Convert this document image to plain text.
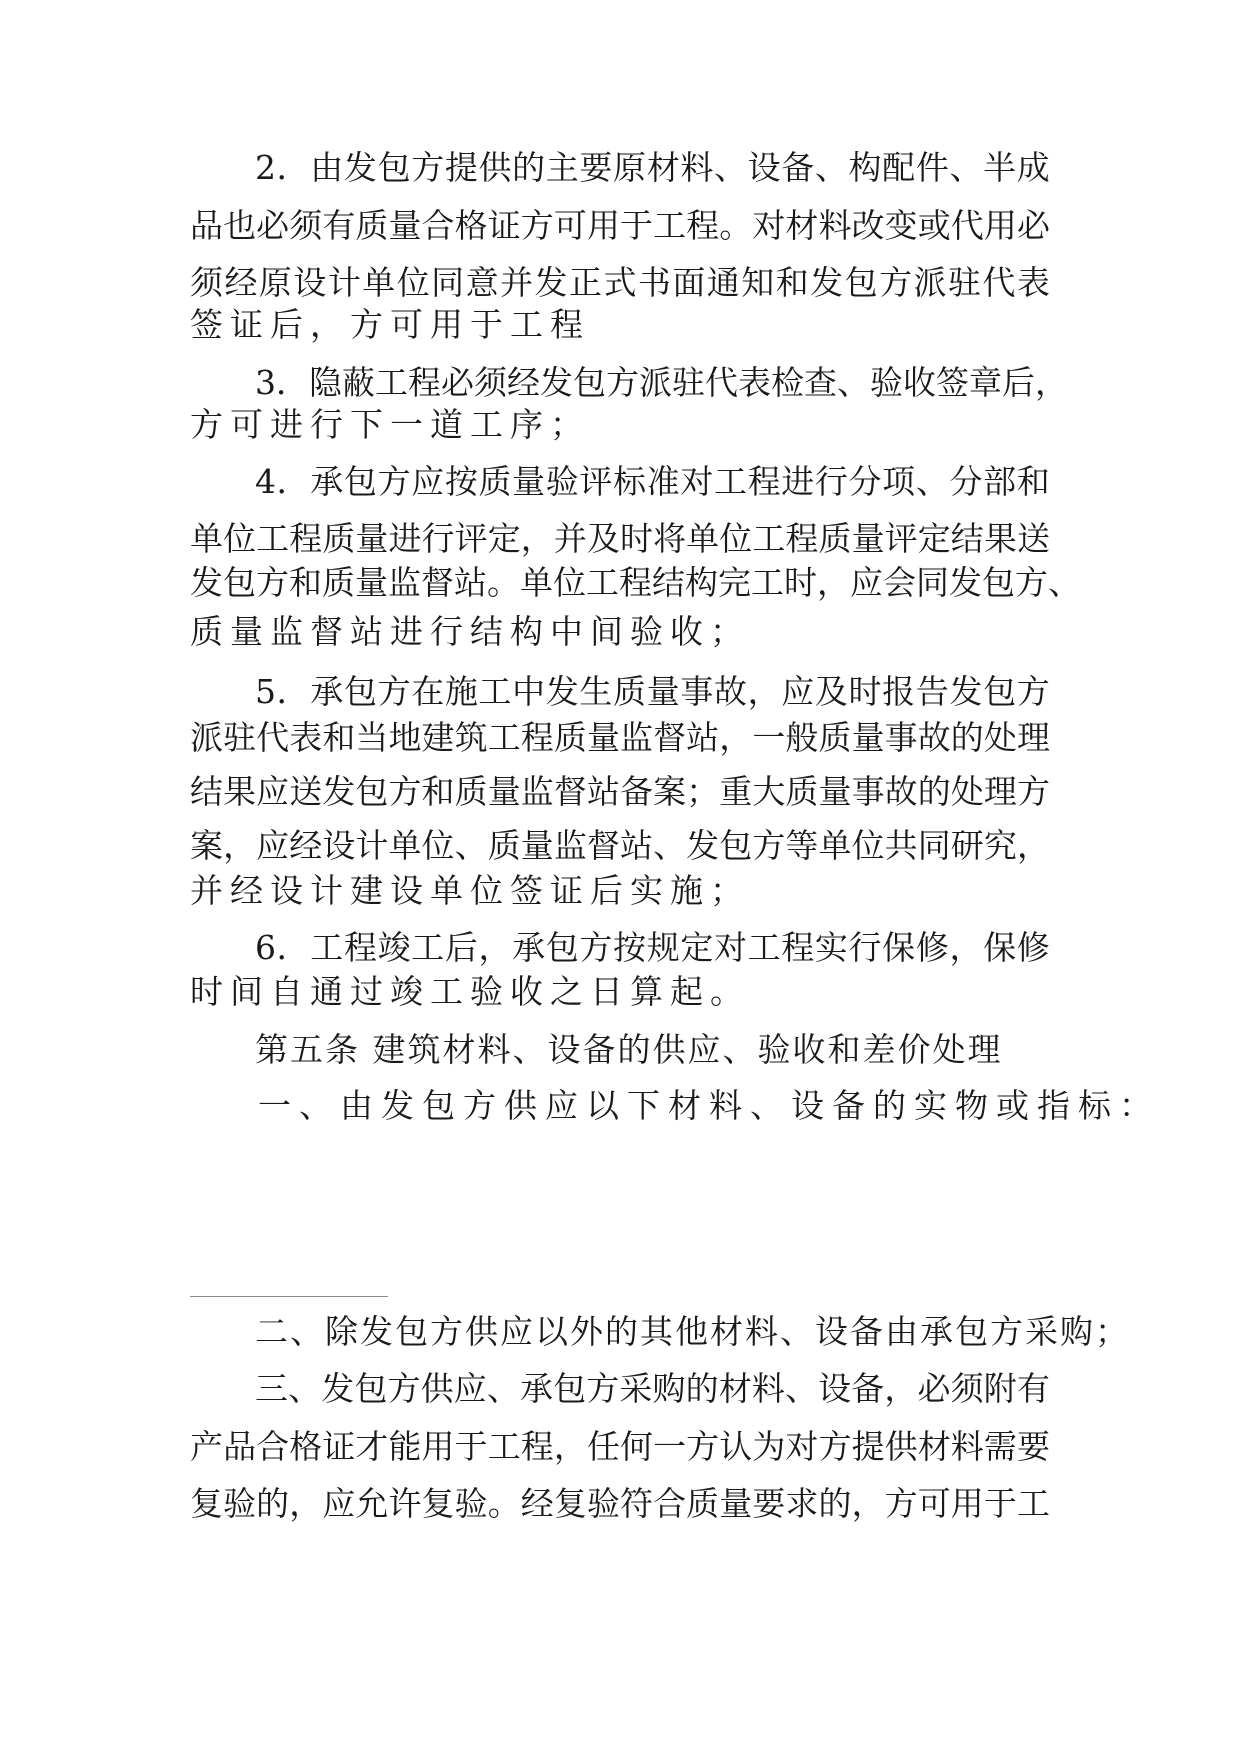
2 ． 由 发 包 方 提 供 的 主 要 原 材 料 、 设 备 、 构 配 件 、 半 成
品 也 必 须 有 质 量 合 格 证 方 可 用 于 工 程 。 对 材 料 改 变 或 代 用 必
须 经 原 设 计 单 位 同 意 并 发 正 式 书 面 通 知 和 发 包 方 派 驻 代 表
签证后，方可用于工程
3 ． 隐 蔽 工 程 必 须 经 发 包 方 派 驻 代 表 检 查 、 验 收 签 章 后 ，
方可进行下一道工序；
4 ． 承 包 方 应 按 质 量 验 评 标 准 对 工 程 进 行 分 项 、 分 部 和
单 位 工 程 质 量 进 行 评 定 ， 并 及 时 将 单 位 工 程 质 量 评 定 结 果 送
发 包 方 和 质 量 监 督 站 。 单 位 工 程 结 构 完 工 时 ， 应 会 同 发 包 方 、
质量监督站进行结构中间验收；
5 ． 承 包 方 在 施 工 中 发 生 质 量 事 故 ， 应 及 时 报 告 发 包 方
派 驻 代 表 和 当 地 建 筑 工 程 质 量 监 督 站 ， 一 般 质 量 事 故 的 处 理
结 果 应 送 发 包 方 和 质 量 监 督 站 备 案 ； 重 大 质 量 事 故 的 处 理 方
案 ， 应 经 设 计 单 位 、 质 量 监 督 站 、 发 包 方 等 单 位 共 同 研 究 ，
并经设计建设单位签证后实施；
6 ． 工 程 竣 工 后 ， 承 包 方 按 规 定 对 工 程 实 行 保 修 ， 保 修
时间自通过竣工验收之日算起。
第五条 建筑材料、设备的供应、验收和差价处理
一、由发包方供应以下材料、设备的实物或指标：
二、除发包方供应以外的其他材料、设备由承包方采购；
三 、 发 包 方 供 应 、 承 包 方 采 购 的 材 料 、 设 备 ， 必 须 附 有
产 品 合 格 证 才 能 用 于 工 程 ， 任 何 一 方 认 为 对 方 提 供 材 料 需 要
复 验 的 ， 应 允 许 复 验 。 经 复 验 符 合 质 量 要 求 的 ， 方 可 用 于 工
